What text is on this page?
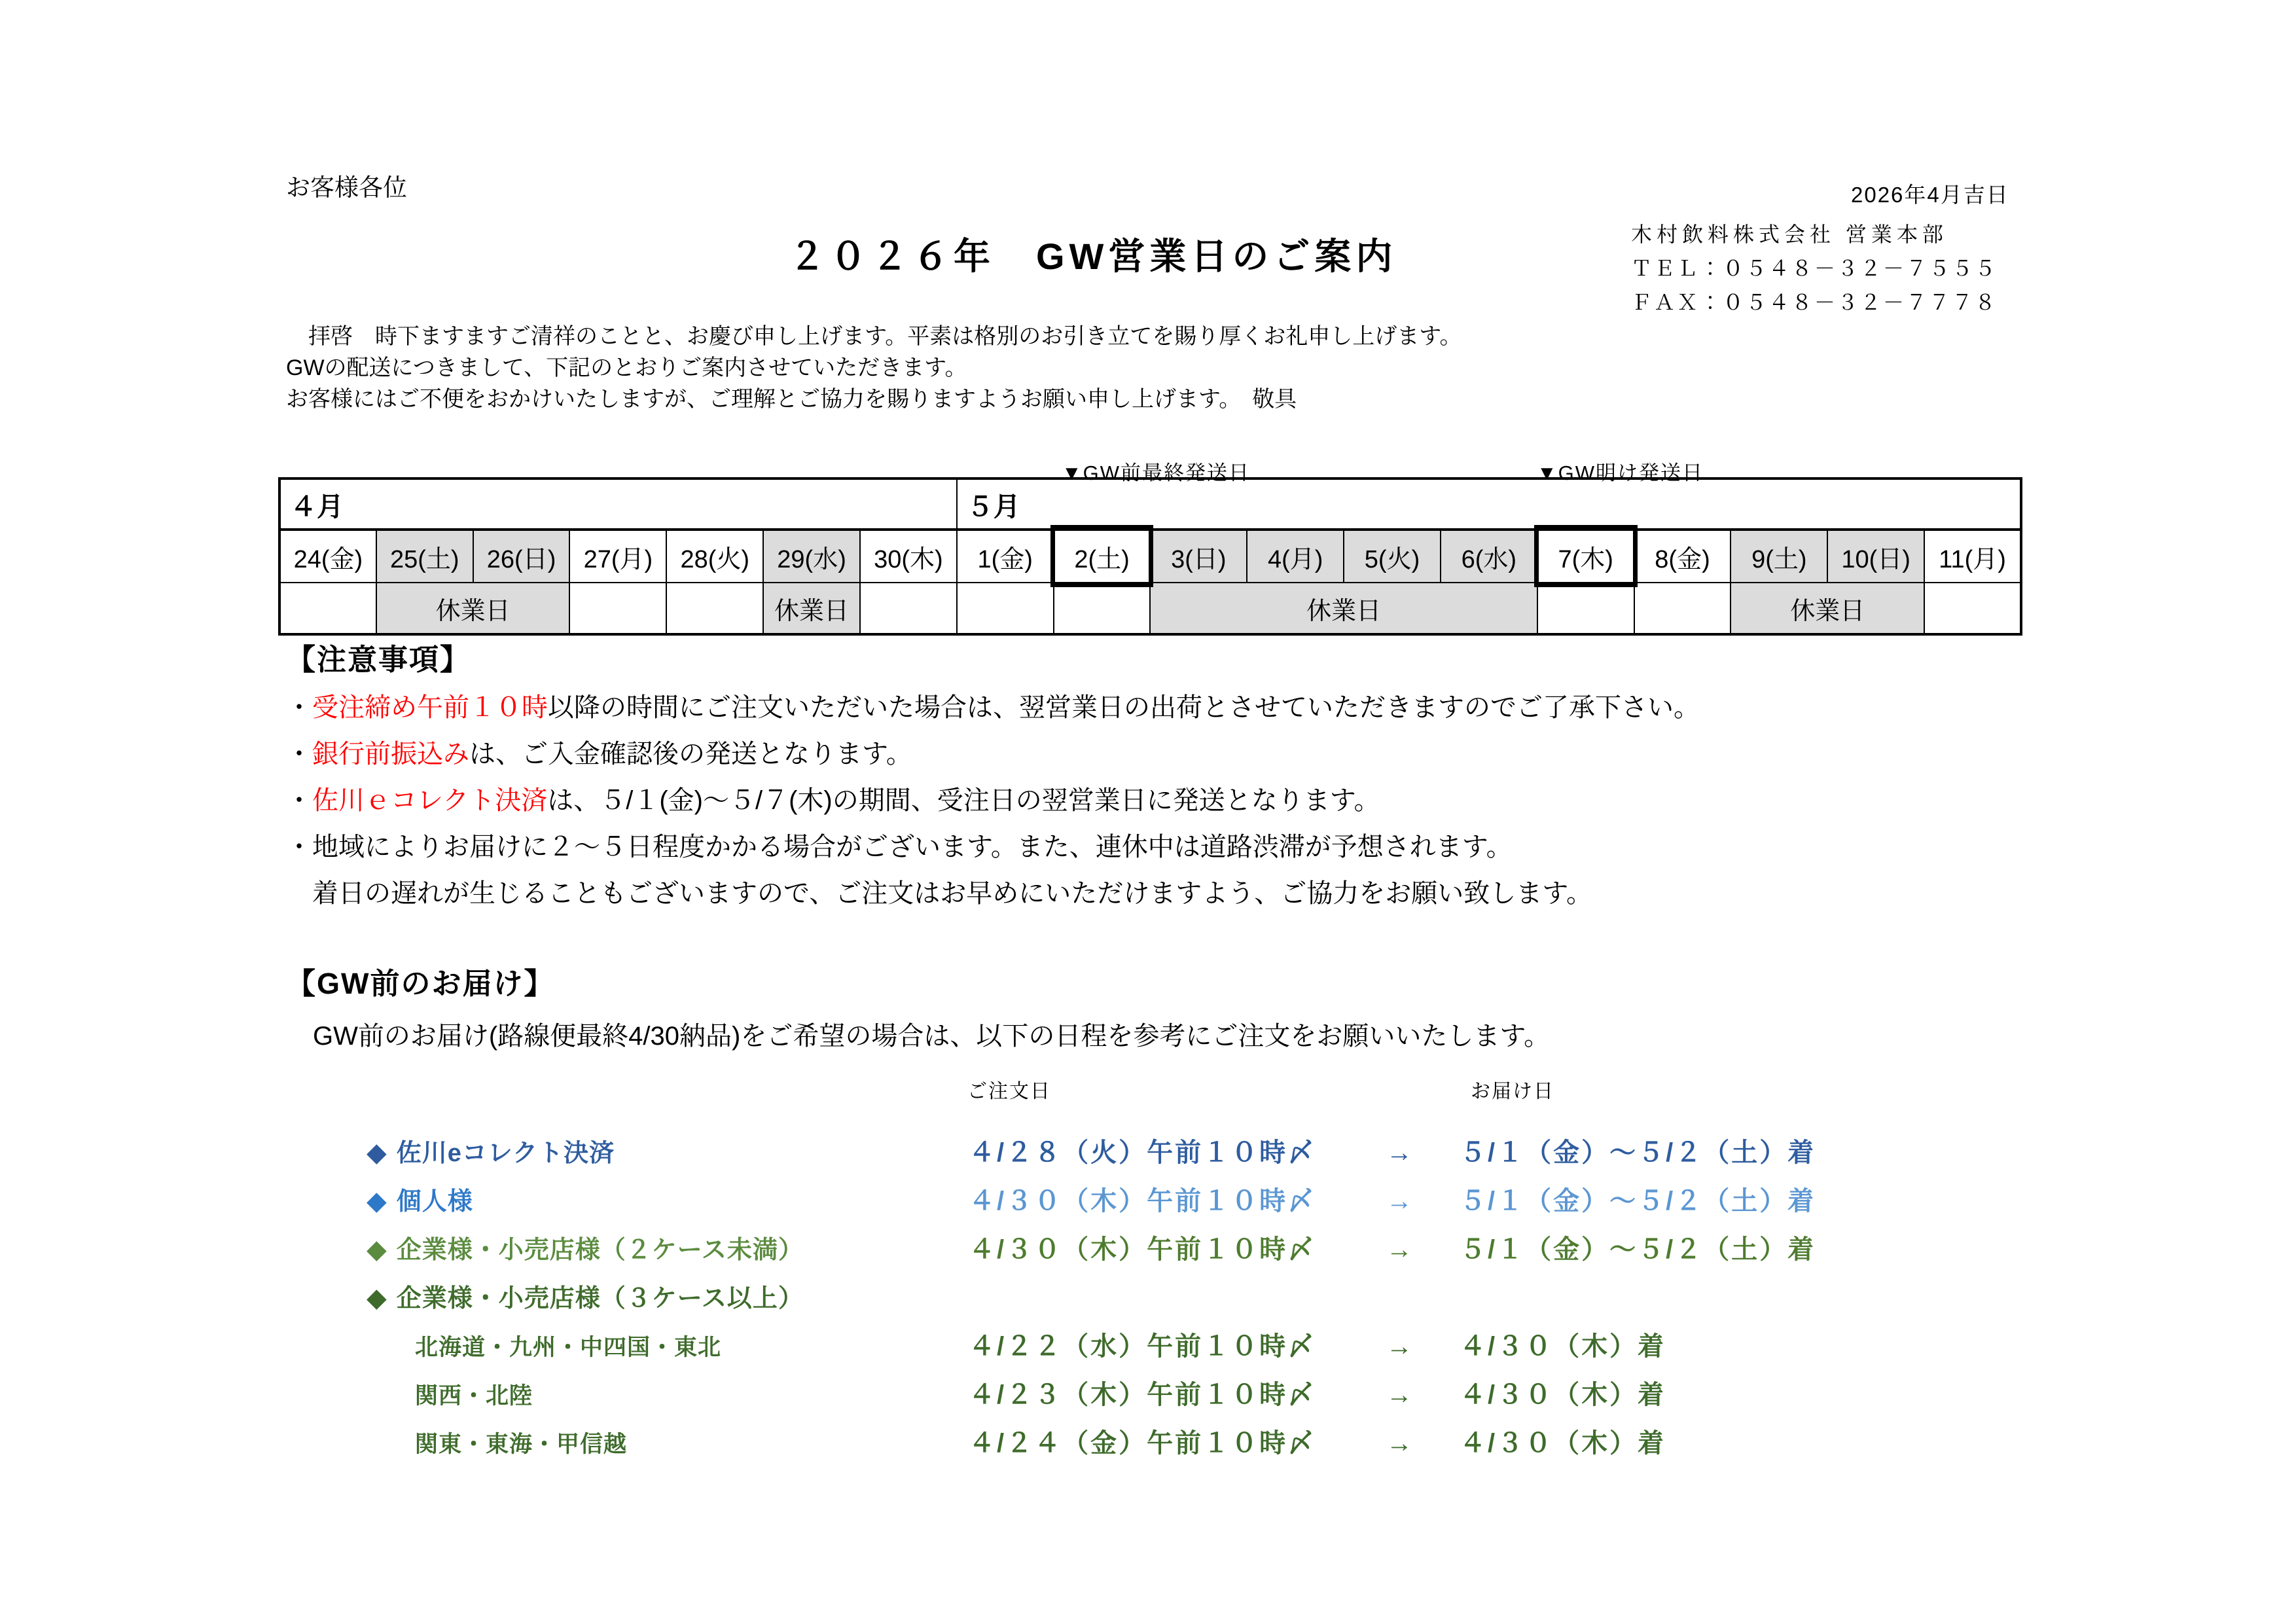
お客様各位	2026年4月吉日
２０２６年　GW営業日のご案内
木村飲料株式会社 営業本部
ＴＥＬ：０５４８－３２－７５５５
ＦＡＸ：０５４８－３２－７７７８
　拝啓　時下ますますご清祥のことと、お慶び申し上げます。平素は格別のお引き立てを賜り厚くお礼申し上げます。
GWの配送につきまして、下記のとおりご案内させていただきます。
お客様にはご不便をおかけいたしますが、ご理解とご協力を賜りますようお願い申し上げます。　敬具
▼GW前最終発送日	▼GW明け発送日
４月							５月										
24(金)	25(土)	26(日)	27(月)	28(火)	29(水)	30(木)	1(金)	2(土)	3(日)	4(月)	5(火)	6(水)	7(木)	8(金)	9(土)	10(日)	11(月)
	休業日				休業日				休業日						休業日		
【注意事項】
・受注締め午前１０時以降の時間にご注文いただいた場合は、翌営業日の出荷とさせていただきますのでご了承下さい。
・銀行前振込みは、ご入金確認後の発送となります。
・佐川ｅコレクト決済は、５/１(金)～５/７(木)の期間、受注日の翌営業日に発送となります。
・地域によりお届けに２～５日程度かかる場合がございます。また、連休中は道路渋滞が予想されます。
　着日の遅れが生じることもございますので、ご注文はお早めにいただけますよう、ご協力をお願い致します。
【GW前のお届け】
GW前のお届け(路線便最終4/30納品)をご希望の場合は、以下の日程を参考にご注文をお願いいたします。
ご注文日	お届け日
◆ 佐川eコレクト決済	４/２８（火）午前１０時〆	→ ５/１（金）～５/２（土）着
◆ 個人様	４/３０（木）午前１０時〆	→ ５/１（金）～５/２（土）着
◆ 企業様・小売店様（２ケース未満）	４/３０（木）午前１０時〆	→ ５/１（金）～５/２（土）着
◆ 企業様・小売店様（３ケース以上）
北海道・九州・中四国・東北	４/２２（水）午前１０時〆	→ ４/３０（木）着
関西・北陸	４/２３（木）午前１０時〆	→ ４/３０（木）着
関東・東海・甲信越	４/２４（金）午前１０時〆	→ ４/３０（木）着
